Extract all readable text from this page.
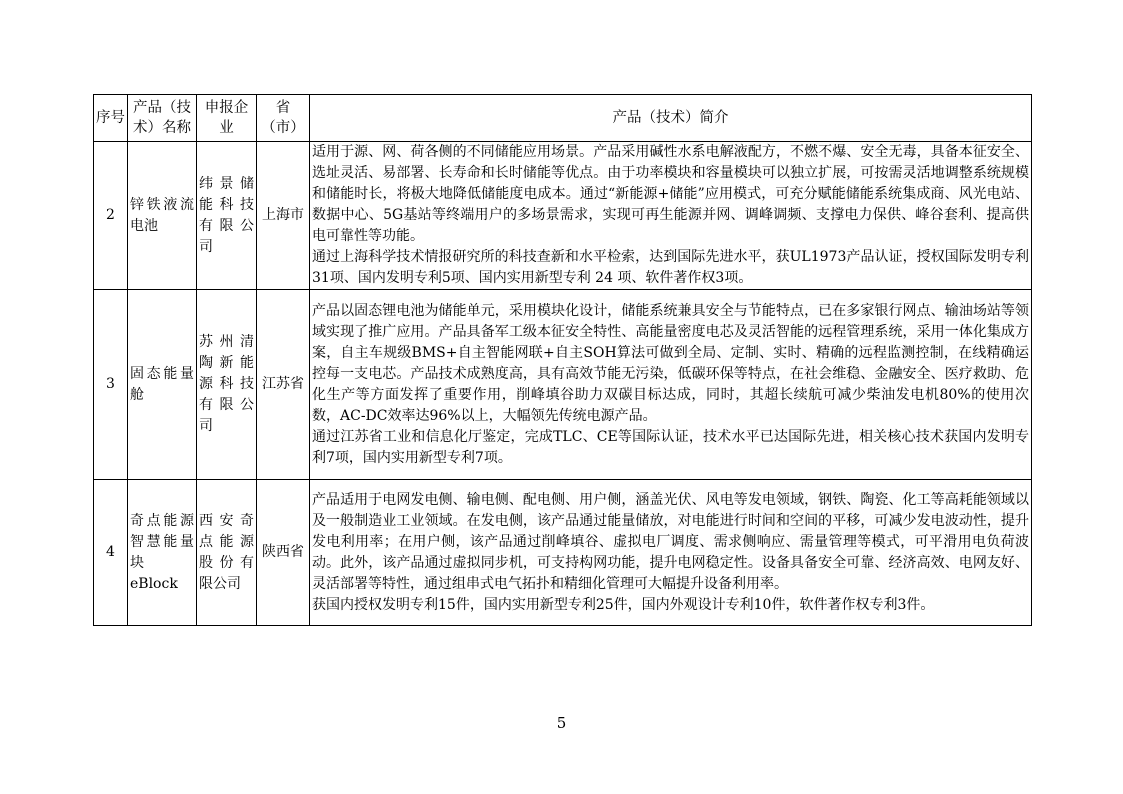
序号	产品（技术）名称	申报企业	省（市）	产品（技术）简介
2	锌铁液流电池	纬景储能科技有限公司	上海市	适用于源、网、荷各侧的不同储能应用场景。产品采用碱性水系电解液配方，不燃不爆、安全无毒，具备本征安全、选址灵活、易部署、长寿命和长时储能等优点。由于功率模块和容量模块可以独立扩展，可按需灵活地调整系统规模和储能时长，将极大地降低储能度电成本。通过“新能源+储能”应用模式，可充分赋能储能系统集成商、风光电站、数据中心、5G基站等终端用户的多场景需求，实现可再生能源并网、调峰调频、支撑电力保供、峰谷套利、提高供电可靠性等功能。

通过上海科学技术情报研究所的科技查新和水平检索，达到国际先进水平，获UL1973产品认证，授权国际发明专利 31项、国内发明专利5项、国内实用新型专利 24 项、软件著作权3项。

3	固态能量舱	苏州清陶新能源科技有限公司	江苏省	产品以固态锂电池为储能单元，采用模块化设计，储能系统兼具安全与节能特点，已在多家银行网点、输油场站等领域实现了推广应用。产品具备军工级本征安全特性、高能量密度电芯及灵活智能的远程管理系统，采用一体化集成方案，自主车规级BMS+自主智能网联+自主SOH算法可做到全局、定制、实时、精确的远程监测控制，在线精确运控每一支电芯。产品技术成熟度高，具有高效节能无污染，低碳环保等特点，在社会维稳、金融安全、医疗救助、危化生产等方面发挥了重要作用，削峰填谷助力双碳目标达成，同时，其超长续航可减少柴油发电机80%的使用次数，AC-DC效率达96%以上，大幅领先传统电源产品。

通过江苏省工业和信息化厅鉴定，完成TLC、CE等国际认证，技术水平已达国际先进，相关核心技术获国内发明专利7项，国内实用新型专利7项。

4	奇点能源智慧能量块 eBlock	西安奇点能源股份有限公司	陕西省	产品适用于电网发电侧、输电侧、配电侧、用户侧，涵盖光伏、风电等发电领域，钢铁、陶瓷、化工等高耗能领域以及一般制造业工业领域。在发电侧，该产品通过能量储放，对电能进行时间和空间的平移，可减少发电波动性，提升发电利用率；在用户侧，该产品通过削峰填谷、虚拟电厂调度、需求侧响应、需量管理等模式，可平滑用电负荷波动。此外，该产品通过虚拟同步机，可支持构网功能，提升电网稳定性。设备具备安全可靠、经济高效、电网友好、灵活部署等特性，通过组串式电气拓扑和精细化管理可大幅提升设备利用率。

获国内授权发明专利15件，国内实用新型专利25件，国内外观设计专利10件，软件著作权专利3件。

5
